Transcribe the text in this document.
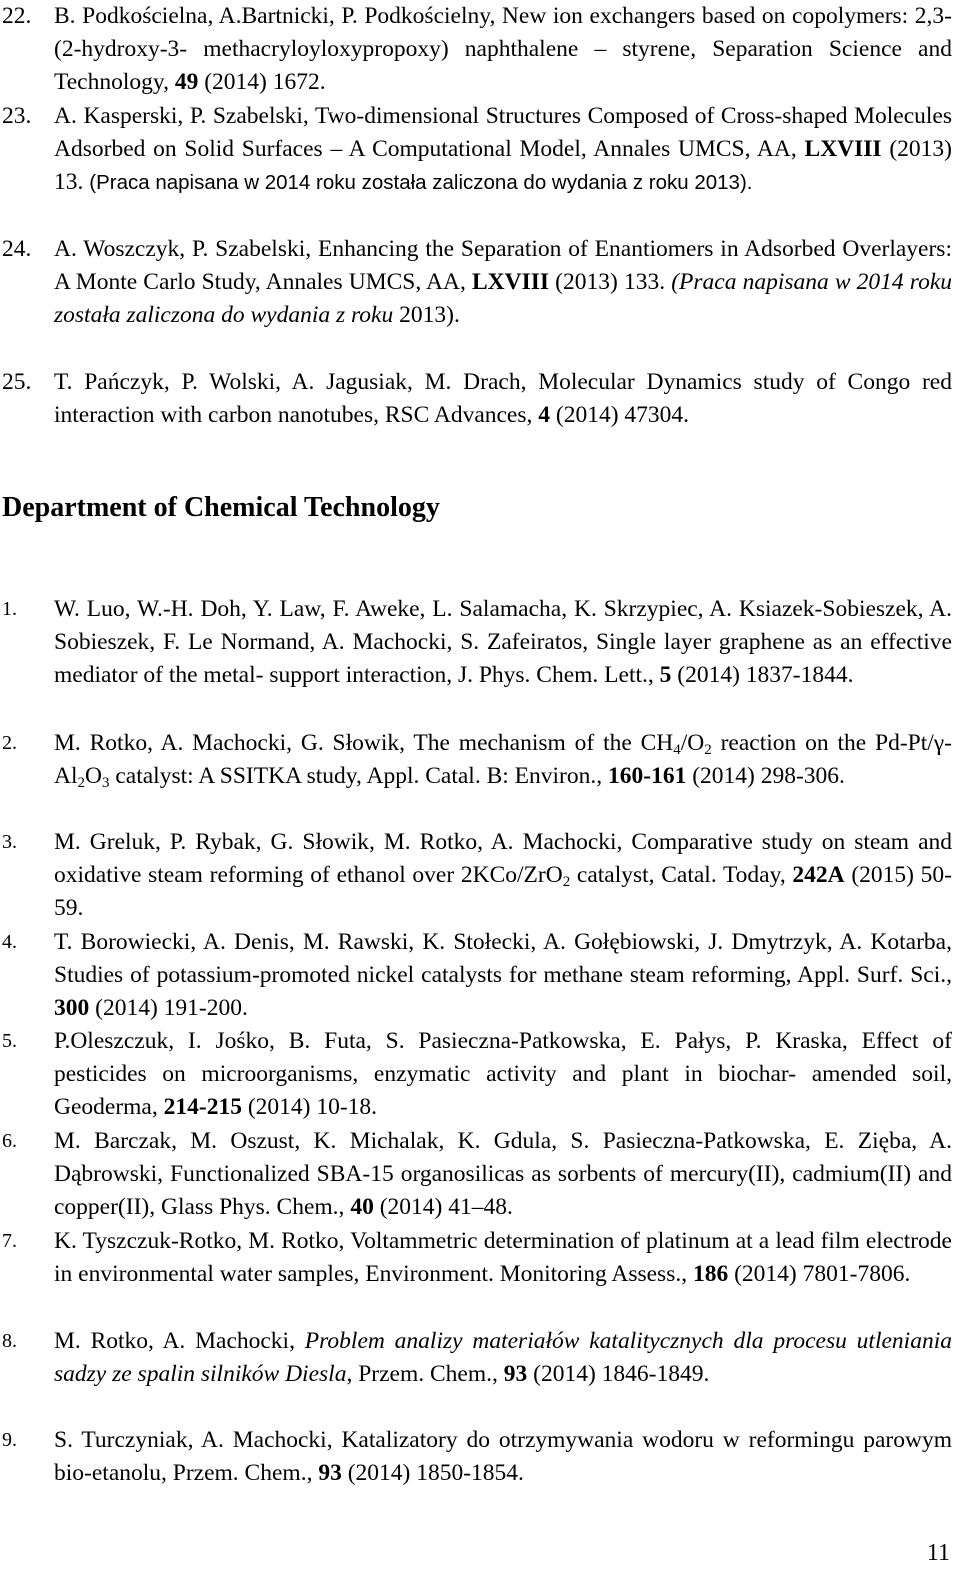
22. B. Podkościelna, A.Bartnicki, P. Podkościelny, New ion exchangers based on copolymers: 2,3-(2-hydroxy-3- methacryloyloxypropoxy) naphthalene – styrene, Separation Science and Technology, 49 (2014) 1672.
23. A. Kasperski, P. Szabelski, Two-dimensional Structures Composed of Cross-shaped Molecules Adsorbed on Solid Surfaces – A Computational Model, Annales UMCS, AA, LXVIII (2013) 13. (Praca napisana w 2014 roku została zaliczona do wydania z roku 2013).
24. A. Woszczyk, P. Szabelski, Enhancing the Separation of Enantiomers in Adsorbed Overlayers: A Monte Carlo Study, Annales UMCS, AA, LXVIII (2013) 133. (Praca napisana w 2014 roku została zaliczona do wydania z roku 2013).
25. T. Pańczyk, P. Wolski, A. Jagusiak, M. Drach, Molecular Dynamics study of Congo red interaction with carbon nanotubes, RSC Advances, 4 (2014) 47304.
Department of Chemical Technology
1. W. Luo, W.-H. Doh, Y. Law, F. Aweke, L. Salamacha, K. Skrzypiec, A. Ksiazek-Sobieszek, A. Sobieszek, F. Le Normand, A. Machocki, S. Zafeiratos, Single layer graphene as an effective mediator of the metal- support interaction, J. Phys. Chem. Lett., 5 (2014) 1837-1844.
2. M. Rotko, A. Machocki, G. Słowik, The mechanism of the $CH_4/O_2$ reaction on the $Pd-Pt/\gamma-Al_2O_3$ catalyst: A SSITKA study, Appl. Catal. B: Environ., 160-161 (2014) 298-306.
3. M. Greluk, P. Rybak, G. Słowik, M. Rotko, A. Machocki, Comparative study on steam and oxidative steam reforming of ethanol over 2KCo/ZrO$_2$ catalyst, Catal. Today, 242A (2015) 50-59.
4. T. Borowiecki, A. Denis, M. Rawski, K. Stołecki, A. Gołębiowski, J. Dmytrzyk, A. Kotarba, Studies of potassium-promoted nickel catalysts for methane steam reforming, Appl. Surf. Sci., 300 (2014) 191-200.
5. P.Oleszczuk, I. Jośko, B. Futa, S. Pasieczna-Patkowska, E. Pałys, P. Kraska, Effect of pesticides on microorganisms, enzymatic activity and plant in biochar- amended soil, Geoderma, 214-215 (2014) 10-18.
6. M. Barczak, M. Oszust, K. Michalak, K. Gdula, S. Pasieczna-Patkowska, E. Zięba, A. Dąbrowski, Functionalized SBA-15 organosilicas as sorbents of mercury(II), cadmium(II) and copper(II), Glass Phys. Chem., 40 (2014) 41–48.
7. K. Tyszczuk-Rotko, M. Rotko, Voltammetric determination of platinum at a lead film electrode in environmental water samples, Environment. Monitoring Assess., 186 (2014) 7801-7806.
8. M. Rotko, A. Machocki, Problem analizy materiałów katalitycznych dla procesu utleniania sadzy ze spalin silników Diesla, Przem. Chem., 93 (2014) 1846-1849.
9. S. Turczyniak, A. Machocki, Katalizatory do otrzymywania wodoru w reformingu parowym bio-etanolu, Przem. Chem., 93 (2014) 1850-1854.
11
